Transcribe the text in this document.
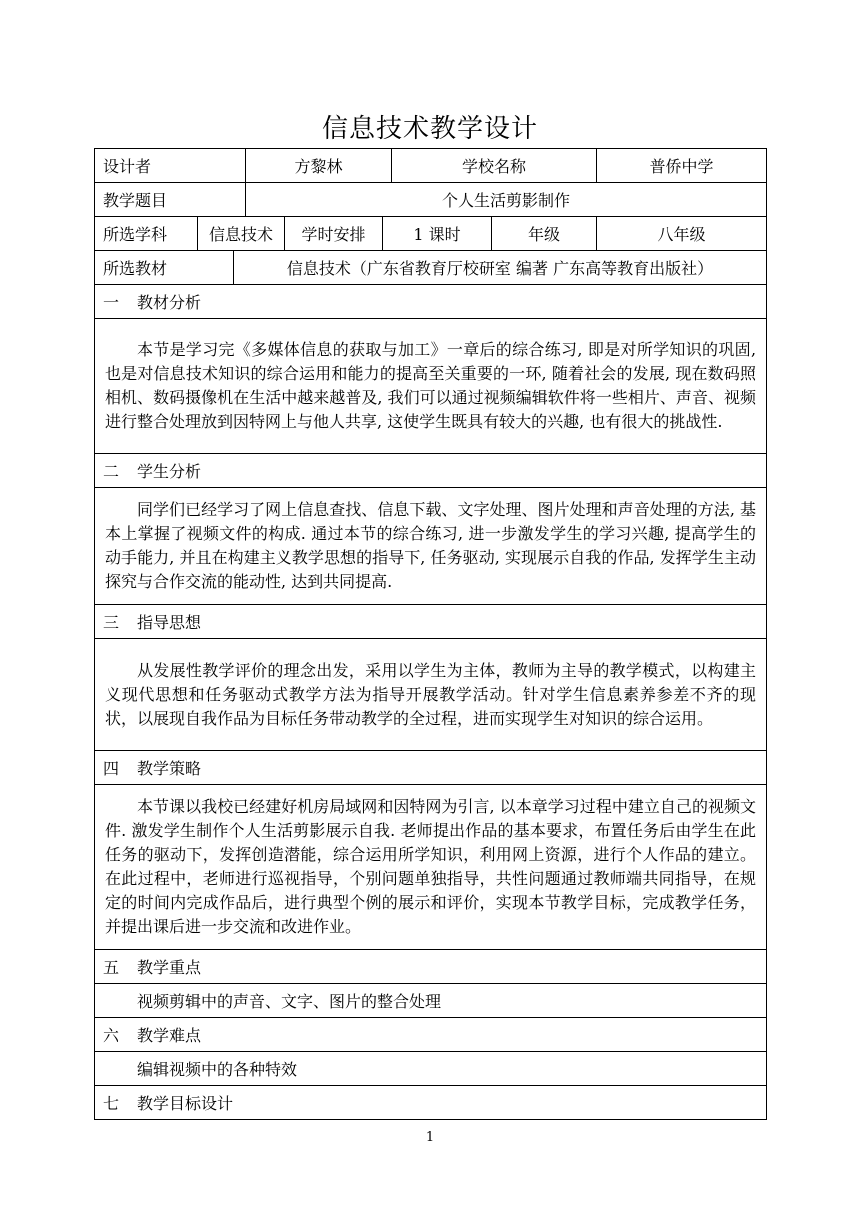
信息技术教学设计
设计者			方黎林			学校名称		普侨中学
教学题目			个人生活剪影制作					
所选学科	信息技术			学时安排	1 课时		年级	八年级
所选教材		信息技术（广东省教育厅校研室 编著 广东高等教育出版社）						
一 教材分析								

本节是学习完《多媒体信息的获取与加工》一章后的综合练习, 即是对所学知识的巩固, 也是对信息技术知识的综合运用和能力的提高至关重要的一环, 随着社会的发展, 现在数码照相机、数码摄像机在生活中越来越普及, 我们可以通过视频编辑软件将一些相片、声音、视频进行整合处理放到因特网上与他人共享, 这使学生既具有较大的兴趣, 也有很大的挑战性.								

二 学生分析								

同学们已经学习了网上信息查找、信息下载、文字处理、图片处理和声音处理的方法, 基本上掌握了视频文件的构成. 通过本节的综合练习, 进一步激发学生的学习兴趣, 提高学生的动手能力, 并且在构建主义教学思想的指导下, 任务驱动, 实现展示自我的作品, 发挥学生主动探究与合作交流的能动性, 达到共同提高.								

三 指导思想								

从发展性教学评价的理念出发，采用以学生为主体，教师为主导的教学模式，以构建主义现代思想和任务驱动式教学方法为指导开展教学活动。针对学生信息素养参差不齐的现状，以展现自我作品为目标任务带动教学的全过程，进而实现学生对知识的综合运用。								

四 教学策略								

本节课以我校已经建好机房局域网和因特网为引言, 以本章学习过程中建立自己的视频文件. 激发学生制作个人生活剪影展示自我. 老师提出作品的基本要求，布置任务后由学生在此任务的驱动下，发挥创造潜能，综合运用所学知识，利用网上资源，进行个人作品的建立。在此过程中，老师进行巡视指导，个别问题单独指导，共性问题通过教师端共同指导，在规定的时间内完成作品后，进行典型个例的展示和评价，实现本节教学目标，完成教学任务，并提出课后进一步交流和改进作业。								

五 教学重点								
视频剪辑中的声音、文字、图片的整合处理								
六 教学难点								
编辑视频中的各种特效								
七 教学目标设计								
1
